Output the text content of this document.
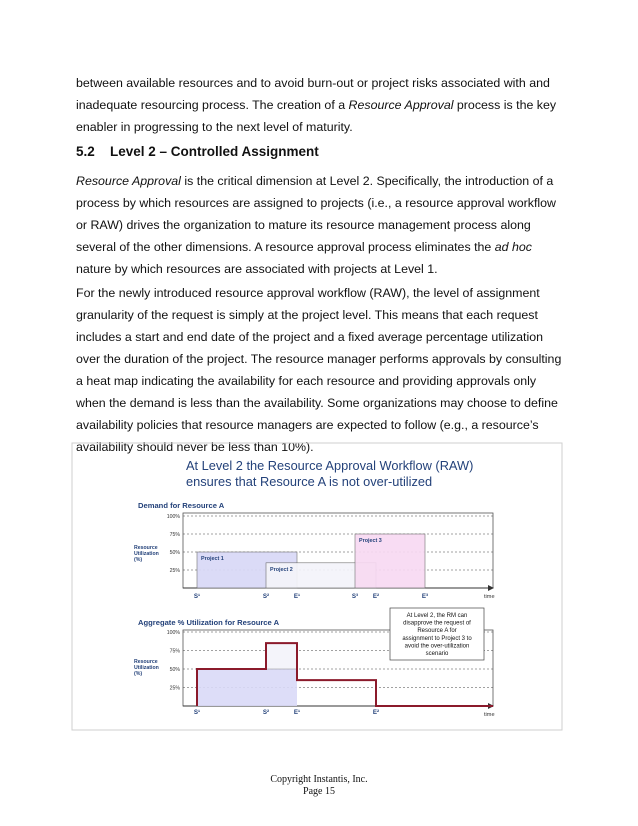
between available resources and to avoid burn-out or project risks associated with and inadequate resourcing process. The creation of a Resource Approval process is the key enabler in progressing to the next level of maturity.

5.2 Level 2 – Controlled Assignment

Resource Approval is the critical dimension at Level 2. Specifically, the introduction of a process by which resources are assigned to projects (i.e., a resource approval workflow or RAW) drives the organization to mature its resource management process along several of the other dimensions. A resource approval process eliminates the ad hoc nature by which resources are associated with projects at Level 1.

For the newly introduced resource approval workflow (RAW), the level of assignment granularity of the request is simply at the project level. This means that each request includes a start and end date of the project and a fixed average percentage utilization over the duration of the project. The resource manager performs approvals by consulting a heat map indicating the availability for each resource and providing approvals only when the demand is less than the availability. Some organizations may choose to define availability policies that resource managers are expected to follow (e.g., a resource’s availability should never be less than 10%).

At Level 2 the Resource Approval Workflow (RAW)
ensures that Resource A is not over-utilized
Demand for Resource A
100%
75%
50%
25%
Resource
Utilization
(%)
time
Project 1
Project 2
Project 3
S¹	S²	E¹	S³ E²	E³
Aggregate % Utilization for Resource A
100%
75%
50%
25%
Resource
Utilization
(%)
time
S¹	S²	E¹	E²
At Level 2, the RM can
disapprove the request of
Resource A for
assignment to Project 3 to
avoid the over-utilization
scenario
Copyright Instantis, Inc.
Page 15
